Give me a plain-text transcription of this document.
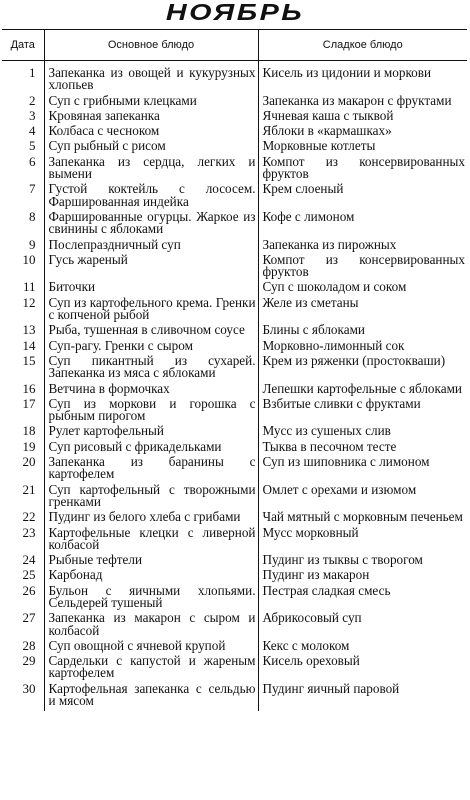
НОЯБРЬ
Дата	Основное блюдо	Сладкое блюдо
1	Запеканка из овощей и кукурузных хлопьев	Кисель из цидонии и моркови
2	Суп с грибными клецками	Запеканка из макарон с фруктами
3	Кровяная запеканка	Ячневая каша с тыквой
4	Колбаса с чесноком	Яблоки в «кармашках»
5	Суп рыбный с рисом	Морковные котлеты
6	Запеканка из сердца, легких и вымени	Компот из консервированных фруктов
7	Густой коктейль с лососем. Фаршированная индейка	Крем слоеный
8	Фаршированные огурцы. Жаркое из свинины с яблоками	Кофе с лимоном
9	Послепраздничный суп	Запеканка из пирожных
10	Гусь жареный	Компот из консервированных фруктов
11	Биточки	Суп с шоколадом и соком
12	Суп из картофельного крема. Гренки с копченой рыбой	Желе из сметаны
13	Рыба, тушенная в сливочном соусе	Блины с яблоками
14	Суп-рагу. Гренки с сыром	Морковно-лимонный сок
15	Суп пикантный из сухарей. Запеканка из мяса с яблоками	Крем из ряженки (простокваши)
16	Ветчина в формочках	Лепешки картофельные с яблоками
17	Суп из моркови и горошка с рыбным пирогом	Взбитые сливки с фруктами
18	Рулет картофельный	Мусс из сушеных слив
19	Суп рисовый с фрикадельками	Тыква в песочном тесте
20	Запеканка из баранины с картофелем	Суп из шиповника с лимоном
21	Суп картофельный с творожными гренками	Омлет с орехами и изюмом
22	Пудинг из белого хлеба с грибами	Чай мятный с морковным печеньем
23	Картофельные клецки с ливерной колбасой	Мусс морковный
24	Рыбные тефтели	Пудинг из тыквы с творогом
25	Карбонад	Пудинг из макарон
26	Бульон с яичными хлопьями. Сельдерей тушеный	Пестрая сладкая смесь
27	Запеканка из макарон с сыром и колбасой	Абрикосовый суп
28	Суп овощной с ячневой крупой	Кекс с молоком
29	Сардельки с капустой и жареным картофелем	Кисель ореховый
30	Картофельная запеканка с сельдью и мясом	Пудинг яичный паровой
